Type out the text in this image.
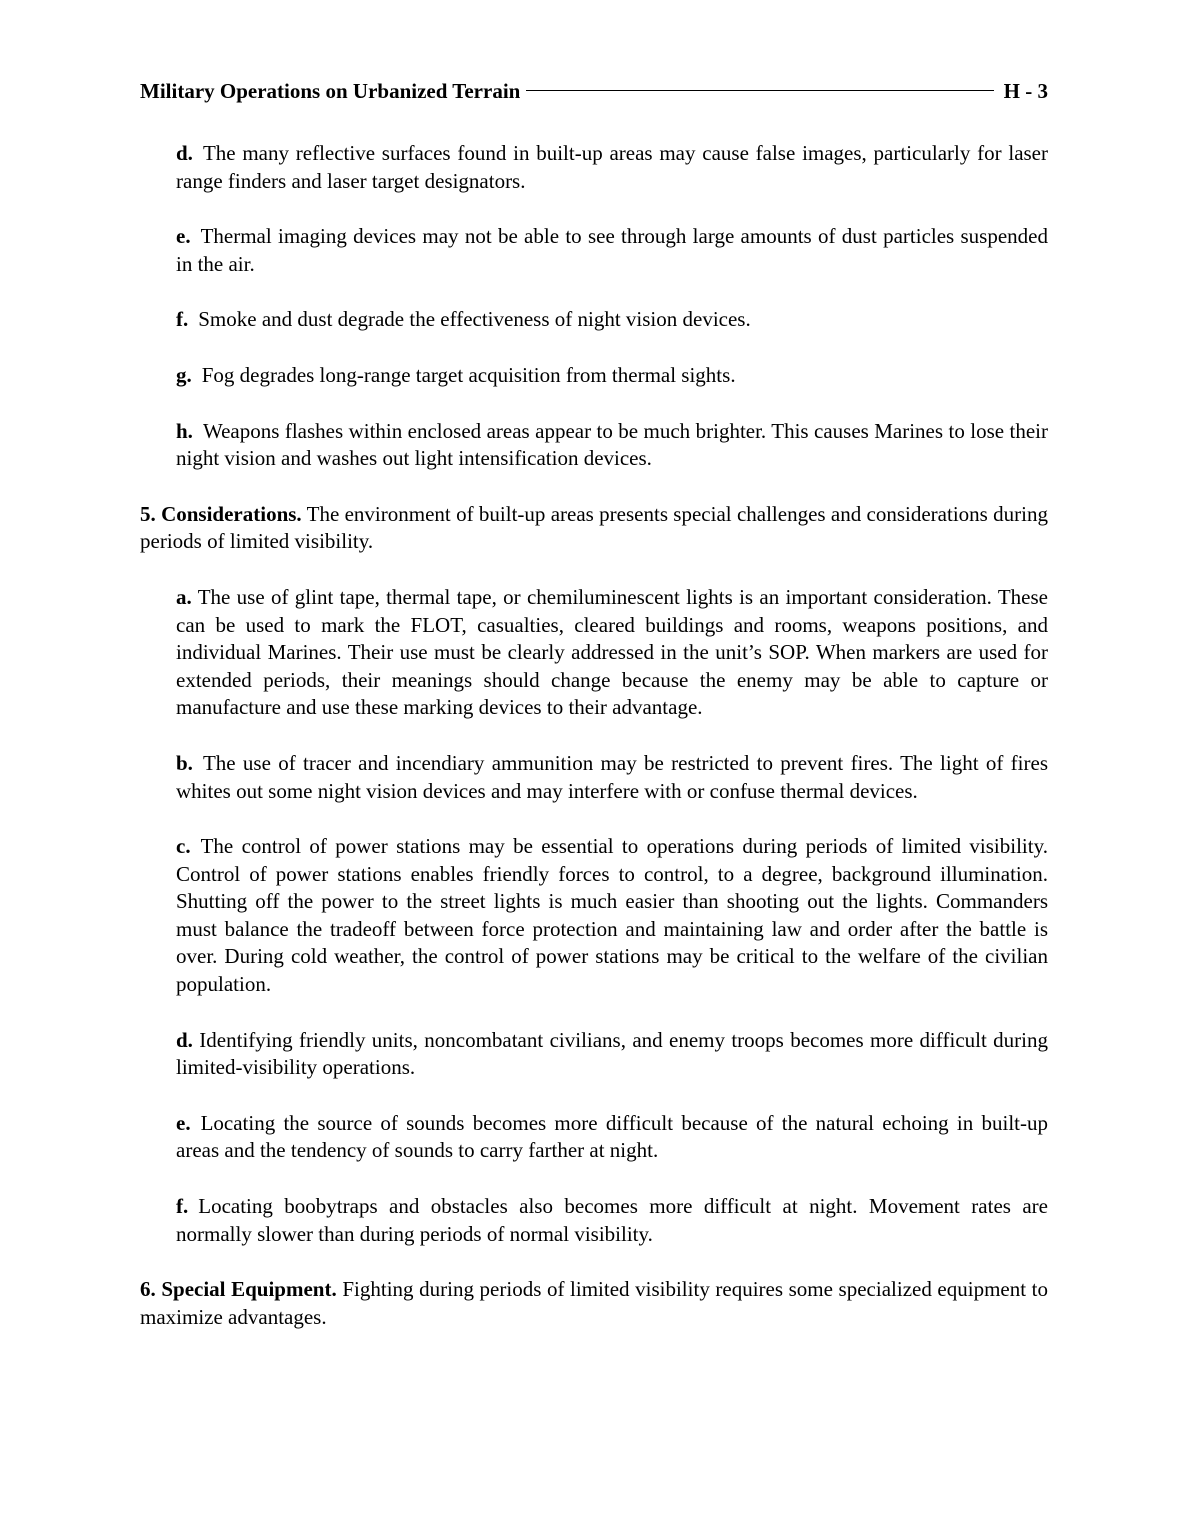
Military Operations on Urbanized Terrain	H - 3

d. The many reflective surfaces found in built-up areas may cause false images, particularly for laser range finders and laser target designators.

e. Thermal imaging devices may not be able to see through large amounts of dust particles suspended in the air.

f. Smoke and dust degrade the effectiveness of night vision devices.

g. Fog degrades long-range target acquisition from thermal sights.

h. Weapons flashes within enclosed areas appear to be much brighter. This causes Marines to lose their night vision and washes out light intensification devices.

5. Considerations. The environment of built-up areas presents special challenges and considerations during periods of limited visibility.

a. The use of glint tape, thermal tape, or chemiluminescent lights is an important consideration. These can be used to mark the FLOT, casualties, cleared buildings and rooms, weapons positions, and individual Marines. Their use must be clearly addressed in the unit’s SOP. When markers are used for extended periods, their meanings should change because the enemy may be able to capture or manufacture and use these marking devices to their advantage.

b. The use of tracer and incendiary ammunition may be restricted to prevent fires. The light of fires whites out some night vision devices and may interfere with or confuse thermal devices.

c. The control of power stations may be essential to operations during periods of limited visibility. Control of power stations enables friendly forces to control, to a degree, background illumination. Shutting off the power to the street lights is much easier than shooting out the lights. Commanders must balance the tradeoff between force protection and maintaining law and order after the battle is over. During cold weather, the control of power stations may be critical to the welfare of the civilian population.

d. Identifying friendly units, noncombatant civilians, and enemy troops becomes more difficult during limited-visibility operations.

e. Locating the source of sounds becomes more difficult because of the natural echoing in built-up areas and the tendency of sounds to carry farther at night.

f. Locating boobytraps and obstacles also becomes more difficult at night. Movement rates are normally slower than during periods of normal visibility.

6. Special Equipment. Fighting during periods of limited visibility requires some specialized equipment to maximize advantages.
